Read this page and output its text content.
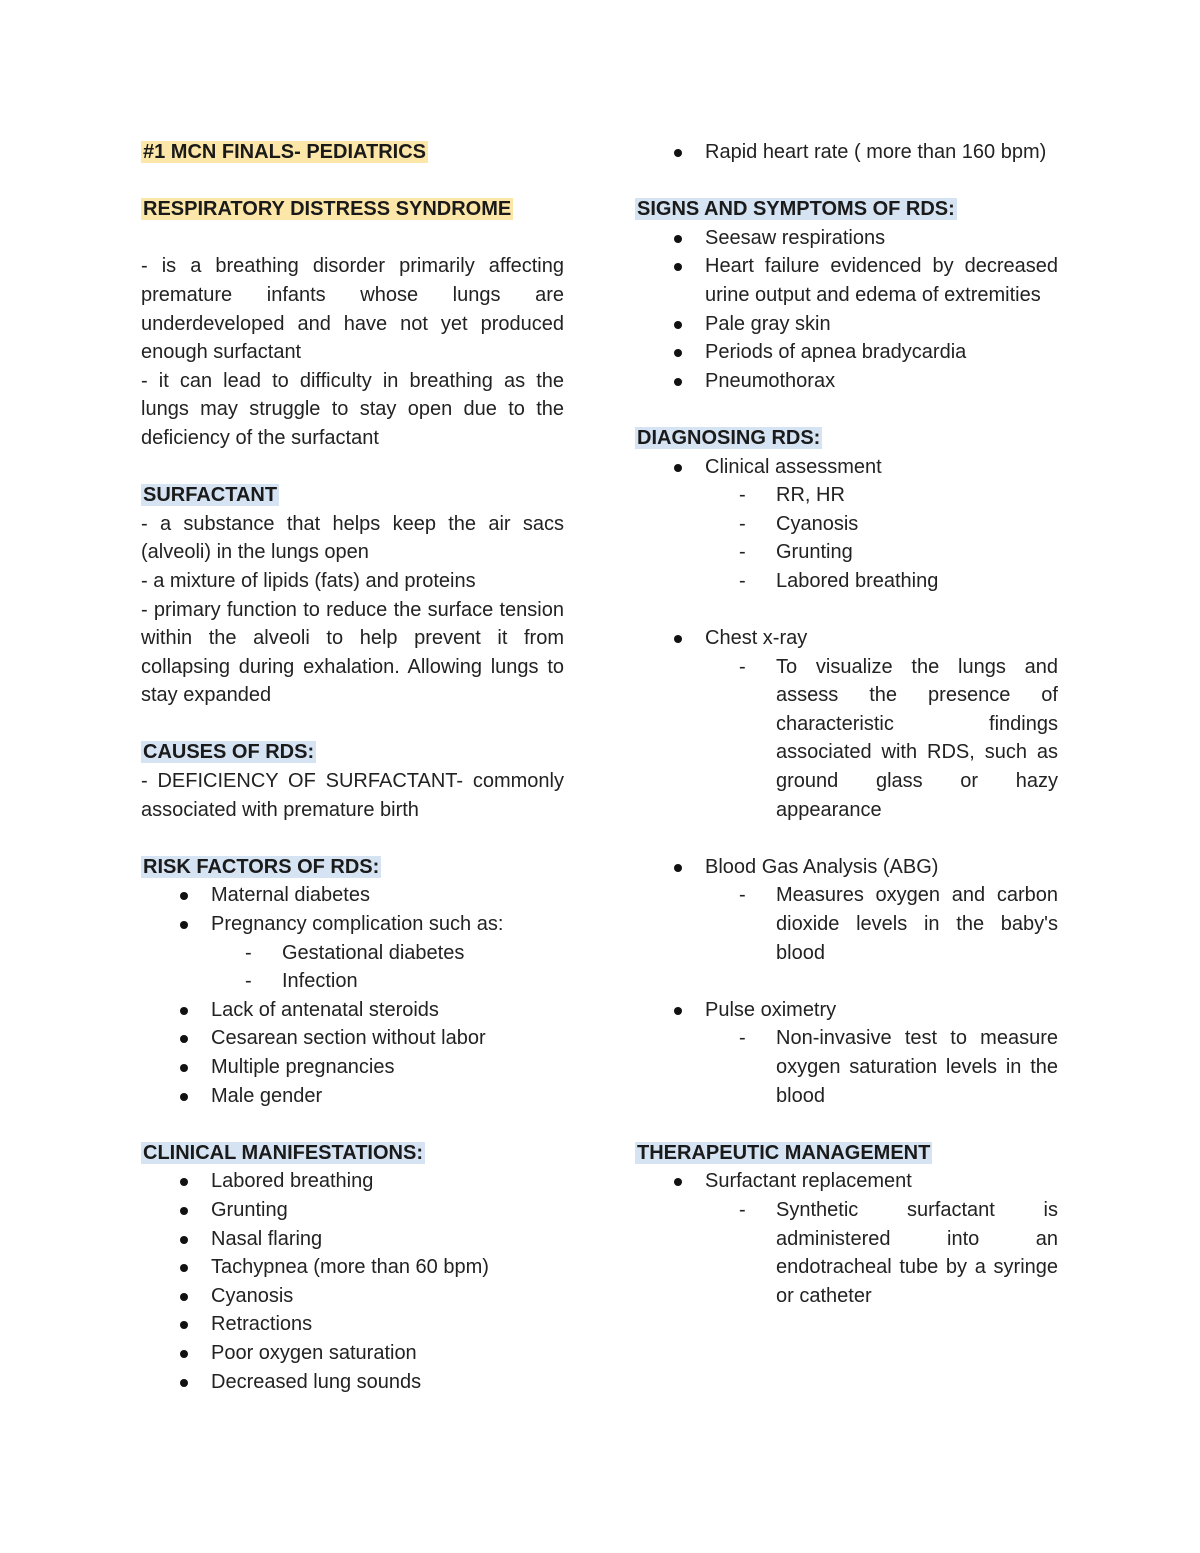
#1 MCN FINALS- PEDIATRICS
RESPIRATORY DISTRESS SYNDROME
- is a breathing disorder primarily affecting premature infants whose lungs are underdeveloped and have not yet produced enough surfactant
- it can lead to difficulty in breathing as the lungs may struggle to stay open due to the deficiency of the surfactant
SURFACTANT
- a substance that helps keep the air sacs (alveoli) in the lungs open
- a mixture of lipids (fats) and proteins
- primary function to reduce the surface tension within the alveoli to help prevent it from collapsing during exhalation. Allowing lungs to stay expanded
CAUSES OF RDS:
- DEFICIENCY OF SURFACTANT- commonly associated with premature birth
RISK FACTORS OF RDS:
Maternal diabetes
Pregnancy complication such as:
- Gestational diabetes
- Infection
Lack of antenatal steroids
Cesarean section without labor
Multiple pregnancies
Male gender
CLINICAL MANIFESTATIONS:
Labored breathing
Grunting
Nasal flaring
Tachypnea (more than 60 bpm)
Cyanosis
Retractions
Poor oxygen saturation
Decreased lung sounds
Rapid heart rate ( more than 160 bpm)
SIGNS AND SYMPTOMS OF RDS:
Seesaw respirations
Heart failure evidenced by decreased urine output and edema of extremities
Pale gray skin
Periods of apnea bradycardia
Pneumothorax
DIAGNOSING RDS:
Clinical assessment
- RR, HR
- Cyanosis
- Grunting
- Labored breathing
Chest x-ray
- To visualize the lungs and assess the presence of characteristic findings associated with RDS, such as ground glass or hazy appearance
Blood Gas Analysis (ABG)
- Measures oxygen and carbon dioxide levels in the baby's blood
Pulse oximetry
- Non-invasive test to measure oxygen saturation levels in the blood
THERAPEUTIC MANAGEMENT
Surfactant replacement
- Synthetic surfactant is administered into an endotracheal tube by a syringe or catheter
